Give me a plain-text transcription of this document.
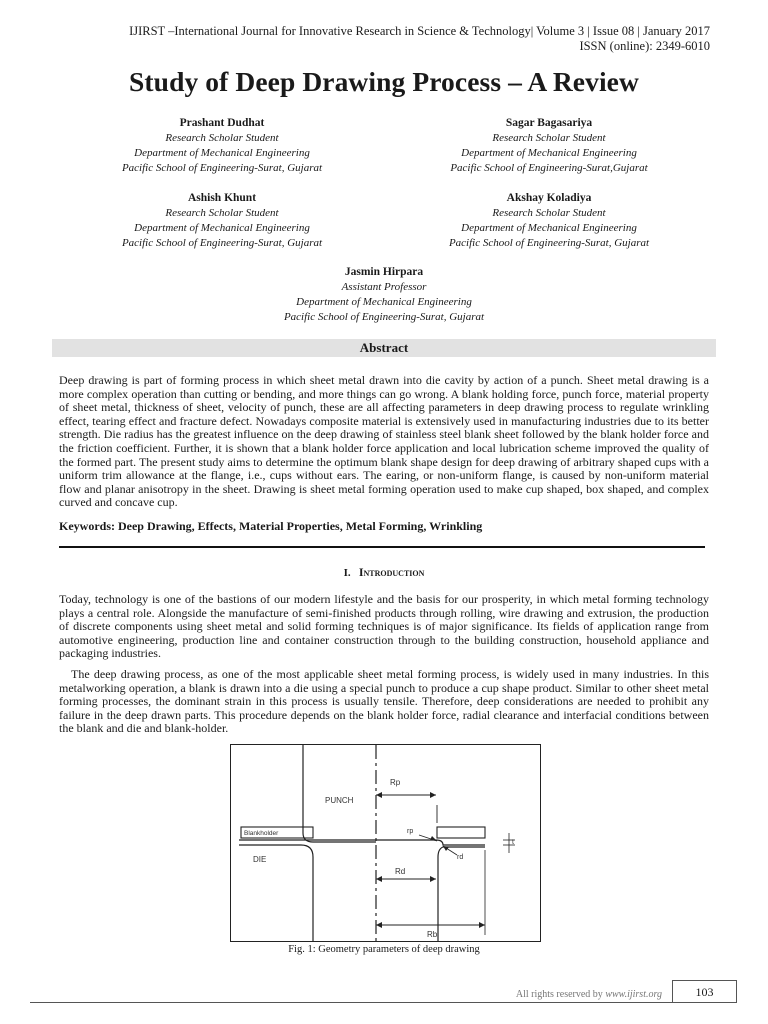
IJIRST –International Journal for Innovative Research in Science & Technology| Volume 3 | Issue 08 | January 2017
ISSN (online): 2349-6010
Study of Deep Drawing Process – A Review
Prashant Dudhat
Research Scholar Student
Department of Mechanical Engineering
Pacific School of Engineering-Surat, Gujarat
Sagar Bagasariya
Research Scholar Student
Department of Mechanical Engineering
Pacific School of Engineering-Surat,Gujarat
Ashish Khunt
Research Scholar Student
Department of Mechanical Engineering
Pacific School of Engineering-Surat, Gujarat
Akshay Koladiya
Research Scholar Student
Department of Mechanical Engineering
Pacific School of Engineering-Surat, Gujarat
Jasmin Hirpara
Assistant Professor
Department of Mechanical Engineering
Pacific School of Engineering-Surat, Gujarat
Abstract
Deep drawing is part of forming process in which sheet metal drawn into die cavity by action of a punch. Sheet metal drawing is a more complex operation than cutting or bending, and more things can go wrong. A blank holding force, punch force, material property of sheet metal, thickness of sheet, velocity of punch, these are all affecting parameters in deep drawing process to regulate wrinkling effect, tearing effect and fracture defect. Nowadays composite material is extensively used in manufacturing industries due to its better strength. Die radius has the greatest influence on the deep drawing of stainless steel blank sheet followed by the blank holder force and the friction coefficient. Further, it is shown that a blank holder force application and local lubrication scheme improved the quality of the formed part. The present study aims to determine the optimum blank shape design for deep drawing of arbitrary shaped cups with a uniform trim allowance at the flange, i.e., cups without ears. The earing, or non-uniform flange, is caused by non-uniform material flow and planar anisotropy in the sheet. Drawing is sheet metal forming operation used to make cup shaped, box shaped, and complex curved and concave cup.
Keywords: Deep Drawing, Effects, Material Properties, Metal Forming, Wrinkling
I. Introduction
Today, technology is one of the bastions of our modern lifestyle and the basis for our prosperity, in which metal forming technology plays a central role. Alongside the manufacture of semi-finished products through rolling, wire drawing and extrusion, the production of discrete components using sheet metal and solid forming techniques is of major significance. Its fields of application range from automotive engineering, production line and container construction through to the building construction, household appliance and packaging industries.
The deep drawing process, as one of the most applicable sheet metal forming process, is widely used in many industries. In this metalworking operation, a blank is drawn into a die using a special punch to produce a cup shape product. Similar to other sheet metal forming processes, the dominant strain in this process is usually tensile. Therefore, deep considerations are needed to prohibit any failure in the deep drawn parts. This procedure depends on the blank holder force, radial clearance and interfacial conditions between the blank and die and blank-holder.
Rp
PUNCH
rp
Blankholder
t
rd
DIE
Rd
Rb
Fig. 1: Geometry parameters of deep drawing
All rights reserved by www.ijirst.org	103
